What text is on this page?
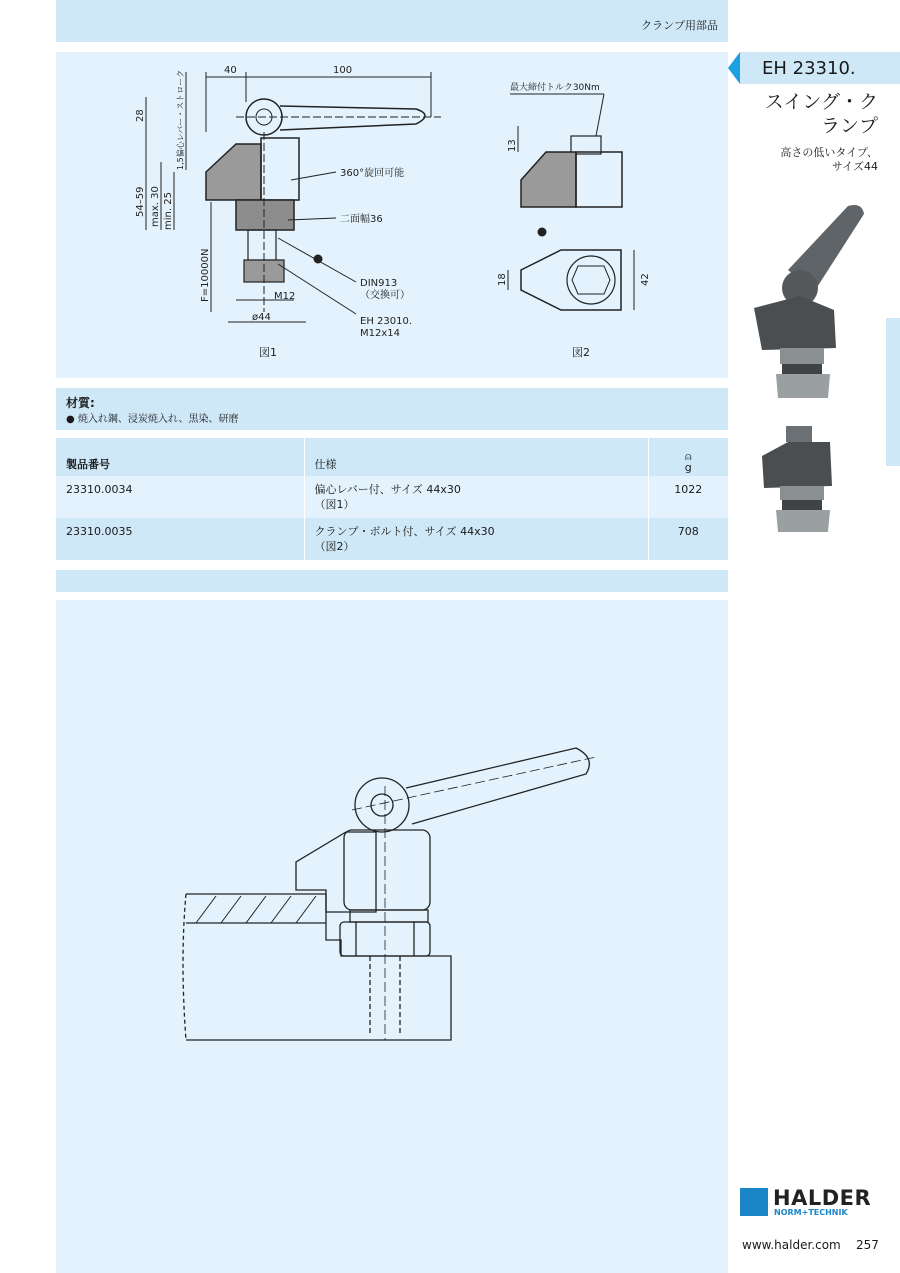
クランプ用部品
40	100
28
54–59 max. 30 min. 25
1,5偏心レバー・ストローク
F=10000N	M12
ø44
360°旋回可能
二面幅36
DIN913
（交換可）
EH 23010.
M12x14
最大締付トルク30Nm
13
18	42
図1	図2
材質:
● 焼入れ鋼、浸炭焼入れ、黒染、研磨
製品番号	仕様	⍝
g

23310.0034	偏心レバー付、サイズ 44x30
（図1）	1022
23310.0035	クランプ・ボルト付、サイズ 44x30
（図2）	708
EH 23310.
スイング・ク
ランプ
高さの低いタイプ、
サイズ44
HALDER
NORM+TECHNIK
www.halder.com 257
